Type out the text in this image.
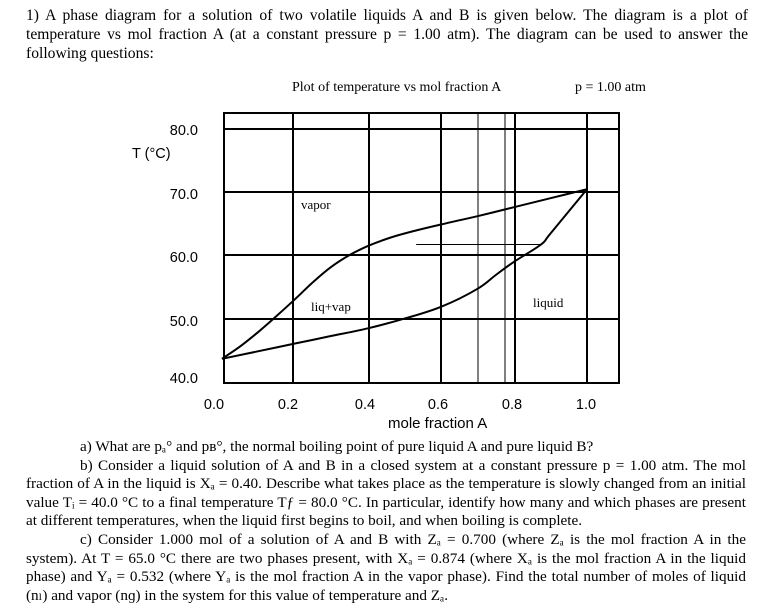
1) A phase diagram for a solution of two volatile liquids A and B is given below. The diagram is a plot of temperature vs mol fraction A (at a constant pressure p = 1.00 atm). The diagram can be used to answer the following questions:
Plot of temperature vs mol fraction A	p = 1.00 atm
T (°C)
80.0
70.0
60.0
50.0
40.0
0.0	0.2	0.4	0.6	0.8	1.0
mole fraction A
vapor
liq+vap	liquid

a) What are pₐ° and pʙ°, the normal boiling point of pure liquid A and pure liquid B?

b) Consider a liquid solution of A and B in a closed system at a constant pressure p = 1.00 atm. The mol fraction of A in the liquid is Xₐ = 0.40. Describe what takes place as the temperature is slowly changed from an initial value Tᵢ = 40.0 °C to a final temperature Tƒ = 80.0 °C. In particular, identify how many and which phases are present at different temperatures, when the liquid first begins to boil, and when boiling is complete.

c) Consider 1.000 mol of a solution of A and B with Zₐ = 0.700 (where Zₐ is the mol fraction A in the system). At T = 65.0 °C there are two phases present, with Xₐ = 0.874 (where Xₐ is the mol fraction A in the liquid phase) and Yₐ = 0.532 (where Yₐ is the mol fraction A in the vapor phase). Find the total number of moles of liquid (nₗ) and vapor (nɡ) in the system for this value of temperature and Zₐ.
